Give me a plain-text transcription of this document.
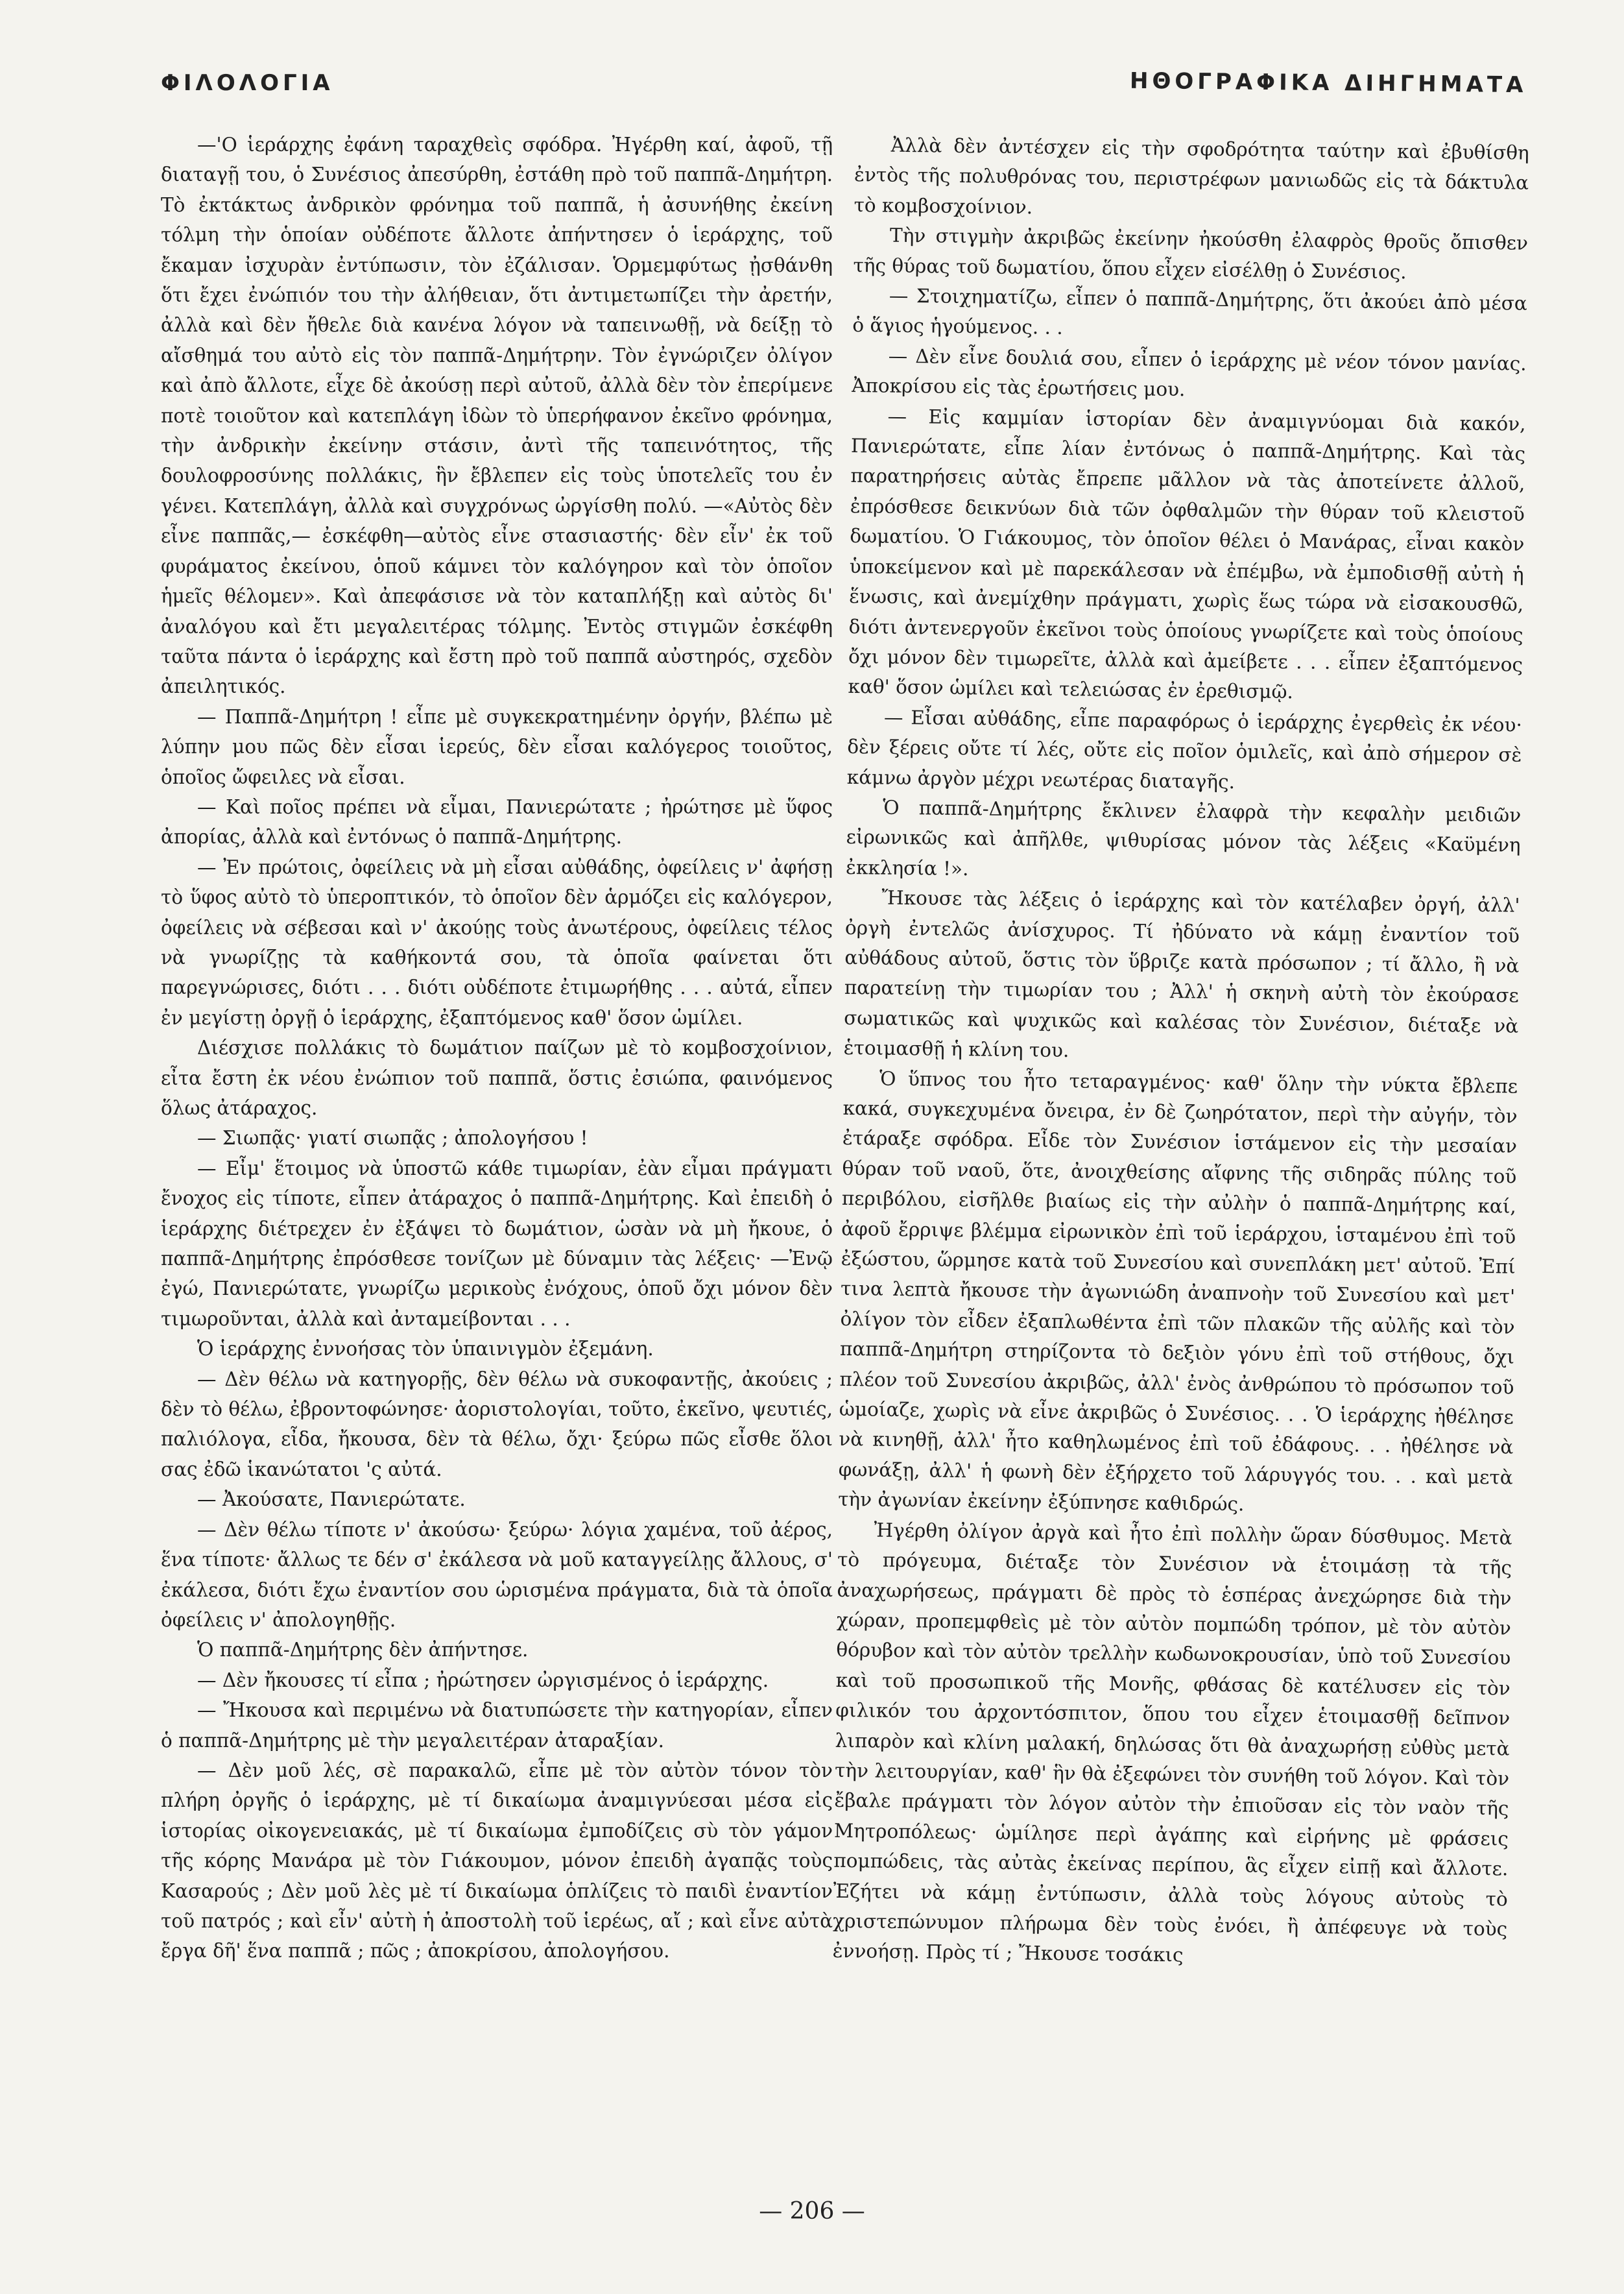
ΦΙΛΟΛΟΓΙΑ	ΗΘΟΓΡΑΦΙΚΑ ΔΙΗΓΗΜΑΤΑ

—'Ο ἱεράρχης ἐφάνη ταραχθεὶς σφόδρα. Ἠγέρθη καί, ἀφοῦ, τῇ διαταγῇ του, ὁ Συνέσιος ἀπεσύρθη, ἐστάθη πρὸ τοῦ παππᾶ-Δημήτρη. Τὸ ἐκτάκτως ἀνδρικὸν φρόνημα τοῦ παππᾶ, ἡ ἀσυνήθης ἐκείνη τόλμη τὴν ὁποίαν οὐδέποτε ἄλλοτε ἀπήντησεν ὁ ἱεράρχης, τοῦ ἔκαμαν ἰσχυρὰν ἐντύπωσιν, τὸν ἐζάλισαν. Ὁρμεμφύτως ᾐσθάνθη ὅτι ἔχει ἐνώπιόν του τὴν ἀλήθειαν, ὅτι ἀντιμετωπίζει τὴν ἀρετήν, ἀλλὰ καὶ δὲν ἤθελε διὰ κανένα λόγον νὰ ταπεινωθῇ, νὰ δείξῃ τὸ αἴσθημά του αὐτὸ εἰς τὸν παππᾶ-Δημήτρην. Τὸν ἐγνώριζεν ὀλίγον καὶ ἀπὸ ἄλλοτε, εἶχε δὲ ἀκούσῃ περὶ αὐτοῦ, ἀλλὰ δὲν τὸν ἐπερίμενε ποτὲ τοιοῦτον καὶ κατεπλάγη ἰδὼν τὸ ὑπερήφανον ἐκεῖνο φρόνημα, τὴν ἀνδρικὴν ἐκείνην στάσιν, ἀντὶ τῆς ταπεινότητος, τῆς δουλοφροσύνης πολλάκις, ἣν ἔβλεπεν εἰς τοὺς ὑποτελεῖς του ἐν γένει. Κατεπλάγη, ἀλλὰ καὶ συγχρόνως ὠργίσθη πολύ. —«Αὐτὸς δὲν εἶνε παππᾶς,— ἐσκέφθη—αὐτὸς εἶνε στασιαστής· δὲν εἶν' ἐκ τοῦ φυράματος ἐκείνου, ὁποῦ κάμνει τὸν καλόγηρον καὶ τὸν ὁποῖον ἡμεῖς θέλομεν». Καὶ ἀπεφάσισε νὰ τὸν καταπλήξῃ καὶ αὐτὸς δι' ἀναλόγου καὶ ἔτι μεγαλειτέρας τόλμης. Ἐντὸς στιγμῶν ἐσκέφθη ταῦτα πάντα ὁ ἱεράρχης καὶ ἔστη πρὸ τοῦ παππᾶ αὐστηρός, σχεδὸν ἀπειλητικός.

— Παππᾶ-Δημήτρη ! εἶπε μὲ συγκεκρατημένην ὀργήν, βλέπω μὲ λύπην μου πῶς δὲν εἶσαι ἱερεύς, δὲν εἶσαι καλόγερος τοιοῦτος, ὁποῖος ὤφειλες νὰ εἶσαι.

— Καὶ ποῖος πρέπει νὰ εἶμαι, Πανιερώτατε ; ἠρώτησε μὲ ὕφος ἀπορίας, ἀλλὰ καὶ ἐντόνως ὁ παππᾶ-Δημήτρης.

— Ἐν πρώτοις, ὀφείλεις νὰ μὴ εἶσαι αὐθάδης, ὀφείλεις ν' ἀφήσῃ τὸ ὕφος αὐτὸ τὸ ὑπεροπτικόν, τὸ ὁποῖον δὲν ἁρμόζει εἰς καλόγερον, ὀφείλεις νὰ σέβεσαι καὶ ν' ἀκούῃς τοὺς ἀνωτέρους, ὀφείλεις τέλος νὰ γνωρίζῃς τὰ καθήκοντά σου, τὰ ὁποῖα φαίνεται ὅτι παρεγνώρισες, διότι . . . διότι οὐδέποτε ἐτιμωρήθης . . . αὐτά, εἶπεν ἐν μεγίστῃ ὀργῇ ὁ ἱεράρχης, ἐξαπτόμενος καθ' ὅσον ὡμίλει.

Διέσχισε πολλάκις τὸ δωμάτιον παίζων μὲ τὸ κομβοσχοίνιον, εἶτα ἔστη ἐκ νέου ἐνώπιον τοῦ παππᾶ, ὅστις ἐσιώπα, φαινόμενος ὅλως ἀτάραχος.

— Σιωπᾷς· γιατί σιωπᾷς ; ἀπολογήσου !

— Εἶμ' ἕτοιμος νὰ ὑποστῶ κάθε τιμωρίαν, ἐὰν εἶμαι πράγματι ἔνοχος εἰς τίποτε, εἶπεν ἀτάραχος ὁ παππᾶ-Δημήτρης. Καὶ ἐπειδὴ ὁ ἱεράρχης διέτρεχεν ἐν ἐξάψει τὸ δωμάτιον, ὡσὰν νὰ μὴ ἤκουε, ὁ παππᾶ-Δημήτρης ἐπρόσθεσε τονίζων μὲ δύναμιν τὰς λέξεις· —Ἐνῷ ἐγώ, Πανιερώτατε, γνωρίζω μερικοὺς ἐνόχους, ὁποῦ ὄχι μόνον δὲν τιμωροῦνται, ἀλλὰ καὶ ἀνταμείβονται . . .

Ὁ ἱεράρχης ἐννοήσας τὸν ὑπαινιγμὸν ἐξεμάνη.

— Δὲν θέλω νὰ κατηγορῇς, δὲν θέλω νὰ συκοφαντῇς, ἀκούεις ; δὲν τὸ θέλω, ἐβροντοφώνησε· ἀοριστολογίαι, τοῦτο, ἐκεῖνο, ψευτιές, παλιόλογα, εἶδα, ἤκουσα, δὲν τὰ θέλω, ὄχι· ξεύρω πῶς εἶσθε ὅλοι σας ἐδῶ ἱκανώτατοι 'ς αὐτά.

— Ἀκούσατε, Πανιερώτατε.

— Δὲν θέλω τίποτε ν' ἀκούσω· ξεύρω· λόγια χαμένα, τοῦ ἀέρος, ἕνα τίποτε· ἄλλως τε δέν σ' ἐκάλεσα νὰ μοῦ καταγγείλῃς ἄλλους, σ' ἐκάλεσα, διότι ἔχω ἐναντίον σου ὡρισμένα πράγματα, διὰ τὰ ὁποῖα ὀφείλεις ν' ἀπολογηθῇς.

Ὁ παππᾶ-Δημήτρης δὲν ἀπήντησε.

— Δὲν ἤκουσες τί εἶπα ; ἠρώτησεν ὠργισμένος ὁ ἱεράρχης.

— Ἤκουσα καὶ περιμένω νὰ διατυπώσετε τὴν κατηγορίαν, εἶπεν ὁ παππᾶ-Δημήτρης μὲ τὴν μεγαλειτέραν ἀταραξίαν.

— Δὲν μοῦ λές, σὲ παρακαλῶ, εἶπε μὲ τὸν αὐτὸν τόνον τὸν πλήρη ὀργῆς ὁ ἱεράρχης, μὲ τί δικαίωμα ἀναμιγνύεσαι μέσα εἰς ἱστορίας οἰκογενειακάς, μὲ τί δικαίωμα ἐμποδίζεις σὺ τὸν γάμον τῆς κόρης Μανάρα μὲ τὸν Γιάκουμον, μόνον ἐπειδὴ ἀγαπᾷς τοὺς Κασαρούς ; Δὲν μοῦ λὲς μὲ τί δικαίωμα ὁπλίζεις τὸ παιδὶ ἐναντίον τοῦ πατρός ; καὶ εἶν' αὐτὴ ἡ ἀποστολὴ τοῦ ἱερέως, αἴ ; καὶ εἶνε αὐτὰ ἔργα δῆ' ἕνα παππᾶ ; πῶς ; ἀποκρίσου, ἀπολογήσου.

Ἀλλὰ δὲν ἀντέσχεν εἰς τὴν σφοδρότητα ταύτην καὶ ἐβυθίσθη ἐντὸς τῆς πολυθρόνας του, περιστρέφων μανιωδῶς εἰς τὰ δάκτυλα τὸ κομβοσχοίνιον.

Τὴν στιγμὴν ἀκριβῶς ἐκείνην ἠκούσθη ἐλαφρὸς θροῦς ὄπισθεν τῆς θύρας τοῦ δωματίου, ὅπου εἶχεν εἰσέλθῃ ὁ Συνέσιος.

— Στοιχηματίζω, εἶπεν ὁ παππᾶ-Δημήτρης, ὅτι ἀκούει ἀπὸ μέσα ὁ ἅγιος ἡγούμενος. . .

— Δὲν εἶνε δουλιά σου, εἶπεν ὁ ἱεράρχης μὲ νέον τόνον μανίας. Ἀποκρίσου εἰς τὰς ἐρωτήσεις μου.

— Εἰς καμμίαν ἱστορίαν δὲν ἀναμιγνύομαι διὰ κακόν, Πανιερώτατε, εἶπε λίαν ἐντόνως ὁ παππᾶ-Δημήτρης. Καὶ τὰς παρατηρήσεις αὐτὰς ἔπρεπε μᾶλλον νὰ τὰς ἀποτείνετε ἀλλοῦ, ἐπρόσθεσε δεικνύων διὰ τῶν ὀφθαλμῶν τὴν θύραν τοῦ κλειστοῦ δωματίου. Ὁ Γιάκουμος, τὸν ὁποῖον θέλει ὁ Μανάρας, εἶναι κακὸν ὑποκείμενον καὶ μὲ παρεκάλεσαν νὰ ἐπέμβω, νὰ ἐμποδισθῇ αὐτὴ ἡ ἕνωσις, καὶ ἀνεμίχθην πράγματι, χωρὶς ἕως τώρα νὰ εἰσακουσθῶ, διότι ἀντενεργοῦν ἐκεῖνοι τοὺς ὁποίους γνωρίζετε καὶ τοὺς ὁποίους ὄχι μόνον δὲν τιμωρεῖτε, ἀλλὰ καὶ ἀμείβετε . . . εἶπεν ἐξαπτόμενος καθ' ὅσον ὡμίλει καὶ τελειώσας ἐν ἐρεθισμῷ.

— Εἶσαι αὐθάδης, εἶπε παραφόρως ὁ ἱεράρχης ἐγερθεὶς ἐκ νέου· δὲν ξέρεις οὔτε τί λές, οὔτε εἰς ποῖον ὁμιλεῖς, καὶ ἀπὸ σήμερον σὲ κάμνω ἀργὸν μέχρι νεωτέρας διαταγῆς.

Ὁ παππᾶ-Δημήτρης ἔκλινεν ἐλαφρὰ τὴν κεφαλὴν μειδιῶν εἰρωνικῶς καὶ ἀπῆλθε, ψιθυρίσας μόνον τὰς λέξεις «Καϋμένη ἐκκλησία !».

Ἤκουσε τὰς λέξεις ὁ ἱεράρχης καὶ τὸν κατέλαβεν ὀργή, ἀλλ' ὀργὴ ἐντελῶς ἀνίσχυρος. Τί ἠδύνατο νὰ κάμῃ ἐναντίον τοῦ αὐθάδους αὐτοῦ, ὅστις τὸν ὕβριζε κατὰ πρόσωπον ; τί ἄλλο, ἢ νὰ παρατείνῃ τὴν τιμωρίαν του ; Ἀλλ' ἡ σκηνὴ αὐτὴ τὸν ἐκούρασε σωματικῶς καὶ ψυχικῶς καὶ καλέσας τὸν Συνέσιον, διέταξε νὰ ἑτοιμασθῇ ἡ κλίνη του.

Ὁ ὕπνος του ἦτο τεταραγμένος· καθ' ὅλην τὴν νύκτα ἔβλεπε κακά, συγκεχυμένα ὄνειρα, ἐν δὲ ζωηρότατον, περὶ τὴν αὐγήν, τὸν ἐτάραξε σφόδρα. Εἶδε τὸν Συνέσιον ἱστάμενον εἰς τὴν μεσαίαν θύραν τοῦ ναοῦ, ὅτε, ἀνοιχθείσης αἴφνης τῆς σιδηρᾶς πύλης τοῦ περιβόλου, εἰσῆλθε βιαίως εἰς τὴν αὐλὴν ὁ παππᾶ-Δημήτρης καί, ἀφοῦ ἔρριψε βλέμμα εἰρωνικὸν ἐπὶ τοῦ ἱεράρχου, ἱσταμένου ἐπὶ τοῦ ἐξώστου, ὥρμησε κατὰ τοῦ Συνεσίου καὶ συνεπλάκη μετ' αὐτοῦ. Ἐπί τινα λεπτὰ ἤκουσε τὴν ἀγωνιώδη ἀναπνοὴν τοῦ Συνεσίου καὶ μετ' ὀλίγον τὸν εἶδεν ἐξαπλωθέντα ἐπὶ τῶν πλακῶν τῆς αὐλῆς καὶ τὸν παππᾶ-Δημήτρη στηρίζοντα τὸ δεξιὸν γόνυ ἐπὶ τοῦ στήθους, ὄχι πλέον τοῦ Συνεσίου ἀκριβῶς, ἀλλ' ἐνὸς ἀνθρώπου τὸ πρόσωπον τοῦ ὡμοίαζε, χωρὶς νὰ εἶνε ἀκριβῶς ὁ Συνέσιος. . . Ὁ ἱεράρχης ἠθέλησε νὰ κινηθῇ, ἀλλ' ἦτο καθηλωμένος ἐπὶ τοῦ ἐδάφους. . . ἠθέλησε νὰ φωνάξῃ, ἀλλ' ἡ φωνὴ δὲν ἐξήρχετο τοῦ λάρυγγός του. . . καὶ μετὰ τὴν ἀγωνίαν ἐκείνην ἐξύπνησε καθιδρώς.

Ἠγέρθη ὀλίγον ἀργὰ καὶ ἦτο ἐπὶ πολλὴν ὥραν δύσθυμος. Μετὰ τὸ πρόγευμα, διέταξε τὸν Συνέσιον νὰ ἑτοιμάσῃ τὰ τῆς ἀναχωρήσεως, πράγματι δὲ πρὸς τὸ ἑσπέρας ἀνεχώρησε διὰ τὴν χώραν, προπεμφθεὶς μὲ τὸν αὐτὸν πομπώδη τρόπον, μὲ τὸν αὐτὸν θόρυβον καὶ τὸν αὐτὸν τρελλὴν κωδωνοκρουσίαν, ὑπὸ τοῦ Συνεσίου καὶ τοῦ προσωπικοῦ τῆς Μονῆς, φθάσας δὲ κατέλυσεν εἰς τὸν φιλικόν του ἀρχοντόσπιτον, ὅπου του εἶχεν ἑτοιμασθῇ δεῖπνον λιπαρὸν καὶ κλίνη μαλακή, δηλώσας ὅτι θὰ ἀναχωρήσῃ εὐθὺς μετὰ τὴν λειτουργίαν, καθ' ἣν θὰ ἐξεφώνει τὸν συνήθη τοῦ λόγον. Καὶ τὸν ἔβαλε πράγματι τὸν λόγον αὐτὸν τὴν ἐπιοῦσαν εἰς τὸν ναὸν τῆς Μητροπόλεως· ὡμίλησε περὶ ἀγάπης καὶ εἰρήνης μὲ φράσεις πομπώδεις, τὰς αὐτὰς ἐκείνας περίπου, ἃς εἶχεν εἰπῇ καὶ ἄλλοτε. Ἐζήτει νὰ κάμῃ ἐντύπωσιν, ἀλλὰ τοὺς λόγους αὐτοὺς τὸ χριστεπώνυμον πλήρωμα δὲν τοὺς ἐνόει, ἢ ἀπέφευγε νὰ τοὺς ἐννοήσῃ. Πρὸς τί ; Ἤκουσε τοσάκις

— 206 —
